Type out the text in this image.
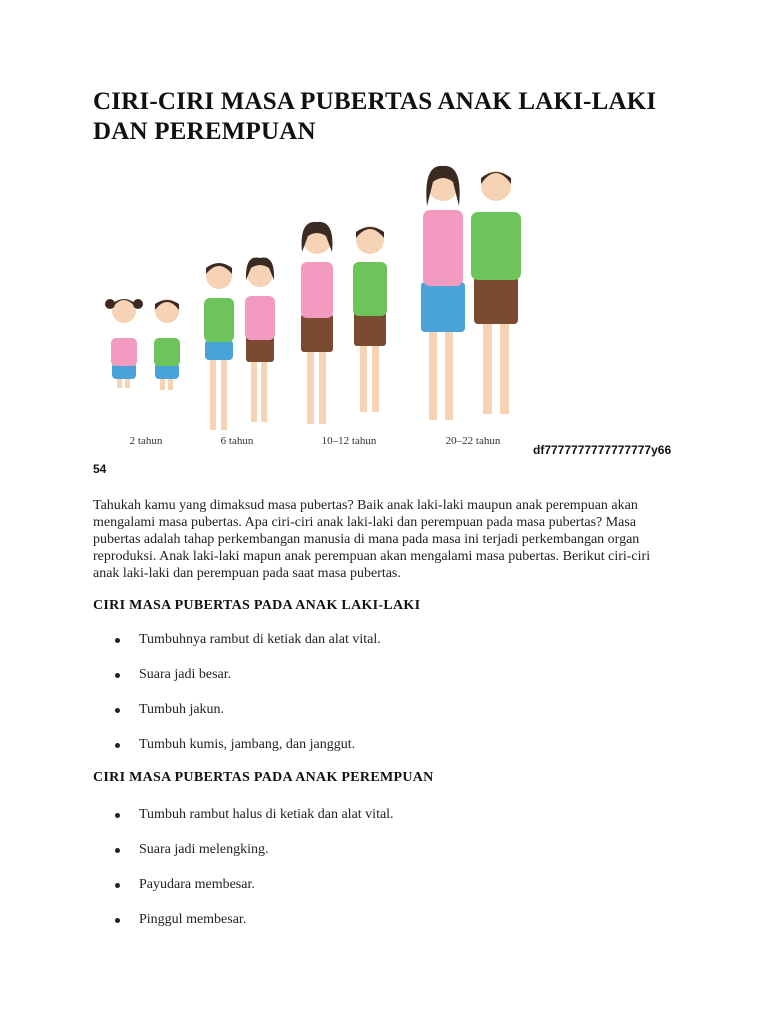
CIRI-CIRI MASA PUBERTAS ANAK LAKI-LAKI DAN PEREMPUAN
2 tahun	6 tahun	10–12 tahun	20–22 tahun
df7777777777777777y66
54

Tahukah kamu yang dimaksud masa pubertas? Baik anak laki-laki maupun anak perempuan akan mengalami masa pubertas. Apa ciri-ciri anak laki-laki dan perempuan pada masa pubertas? Masa pubertas adalah tahap perkembangan manusia di mana pada masa ini terjadi perkembangan organ reproduksi. Anak laki-laki mapun anak perempuan akan mengalami masa pubertas. Berikut ciri-ciri anak laki-laki dan perempuan pada saat masa pubertas.

CIRI MASA PUBERTAS PADA ANAK LAKI-LAKI
Tumbuhnya rambut di ketiak dan alat vital.
Suara jadi besar.
Tumbuh jakun.
Tumbuh kumis, jambang, dan janggut.
CIRI MASA PUBERTAS PADA ANAK PEREMPUAN
Tumbuh rambut halus di ketiak dan alat vital.
Suara jadi melengking.
Payudara membesar.
Pinggul membesar.
